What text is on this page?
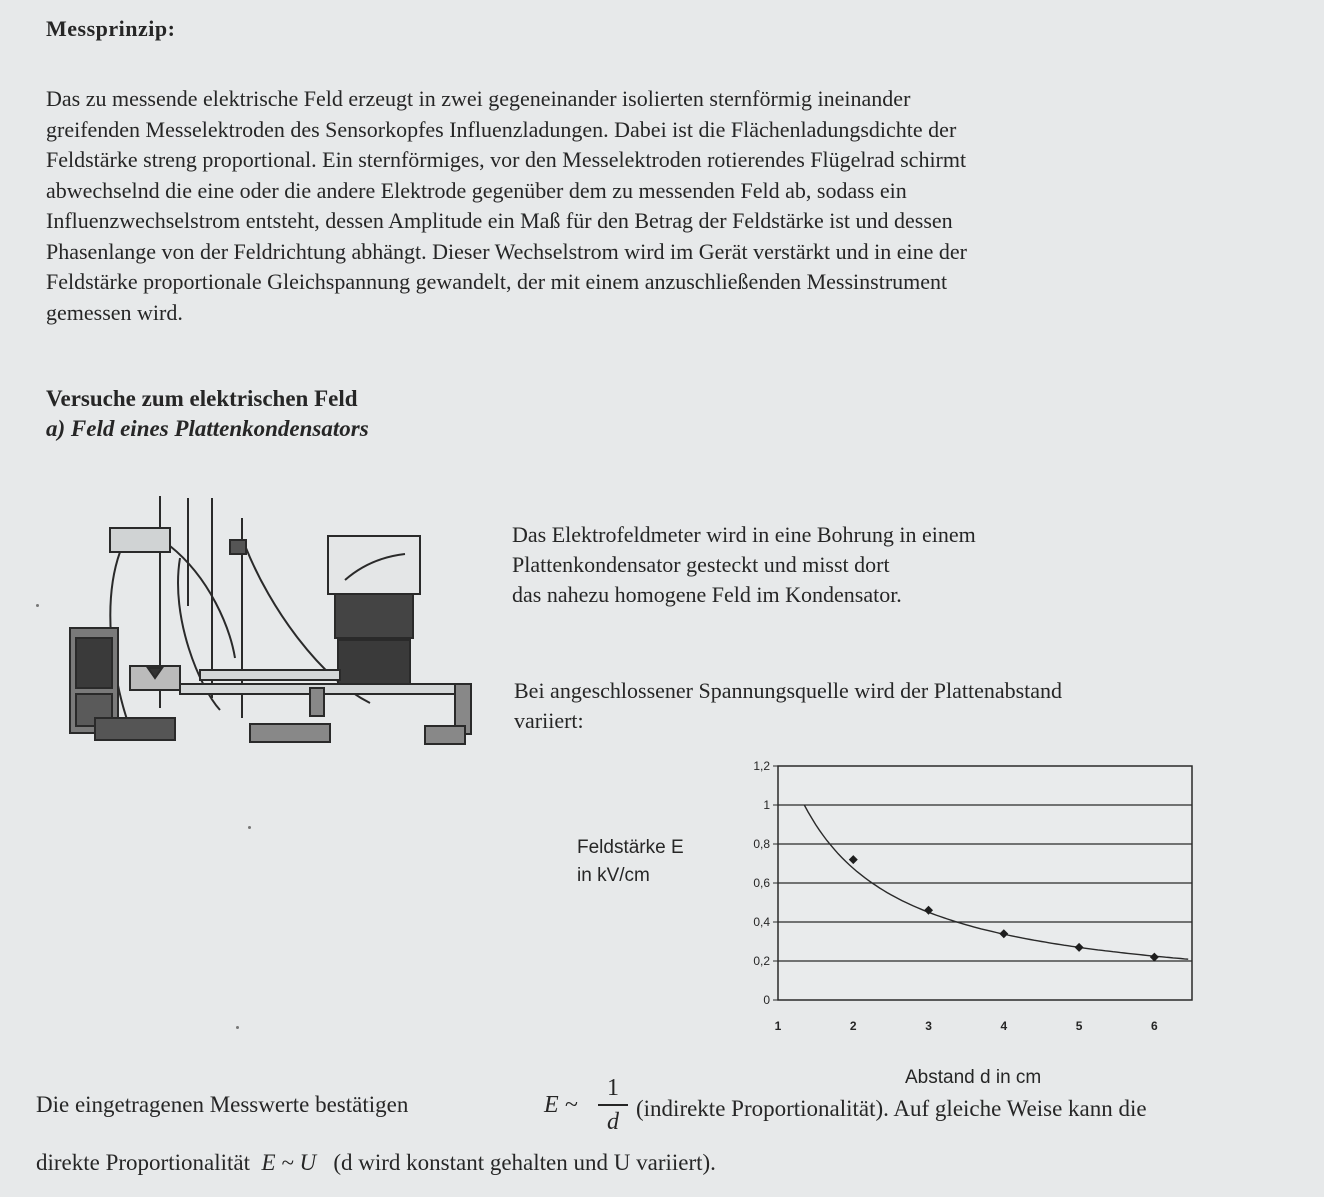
Messprinzip:

Das zu messende elektrische Feld erzeugt in zwei gegeneinander isolierten sternförmig ineinander
greifenden Messelektroden des Sensorkopfes Influenzladungen. Dabei ist die Flächenladungsdichte der
Feldstärke streng proportional. Ein sternförmiges, vor den Messelektroden rotierendes Flügelrad schirmt
abwechselnd die eine oder die andere Elektrode gegenüber dem zu messenden Feld ab, sodass ein
Influenzwechselstrom entsteht, dessen Amplitude ein Maß für den Betrag der Feldstärke ist und dessen
Phasenlange von der Feldrichtung abhängt. Dieser Wechselstrom wird im Gerät verstärkt und in eine der
Feldstärke proportionale Gleichspannung gewandelt, der mit einem anzuschließenden Messinstrument
gemessen wird.

Versuche zum elektrischen Feld
a) Feld eines Plattenkondensators
Das Elektrofeldmeter wird in eine Bohrung in einem
Plattenkondensator gesteckt und misst dort
das nahezu homogene Feld im Kondensator.
Bei angeschlossener Spannungsquelle wird der Plattenabstand
variiert:
Feldstärke E
in kV/cm
0
0,2
0,4
0,6
0,8
1
1,2
1	2	3	4	5	6
Abstand d in cm
Die eingetragenen Messwerte bestätigen	E ~
1
d
(indirekte Proportionalität). Auf gleiche Weise kann die
direkte Proportionalität E ~ U (d wird konstant gehalten und U variiert).
